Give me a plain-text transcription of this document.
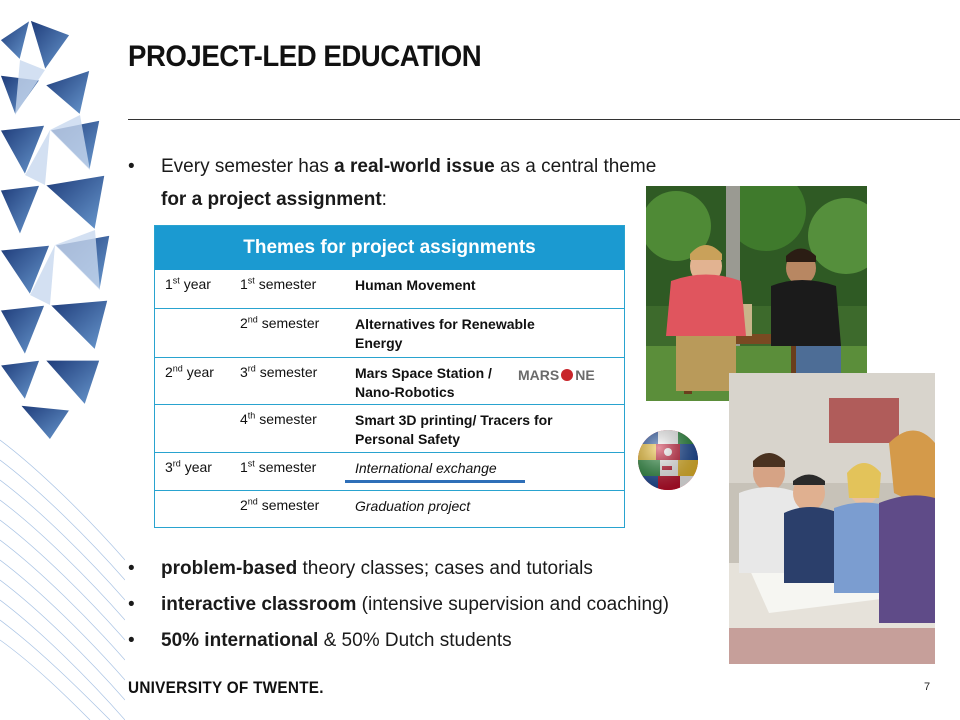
PROJECT-LED EDUCATION
• Every semester has a real-world issue as a central theme
for a project assignment:
Themes for project assignments
1st year 1st semester	Human Movement
2nd semester	Alternatives for Renewable Energy
2nd year 3rd semester	Mars Space Station / Nano-Robotics
4th semester	Smart 3D printing/ Tracers for Personal Safety
3rd year 1st semester	International exchange
2nd semester	Graduation project
MARS NE
• problem-based theory classes; cases and tutorials
• interactive classroom (intensive supervision and coaching)
• 50% international & 50% Dutch students
UNIVERSITY OF TWENTE.	7
